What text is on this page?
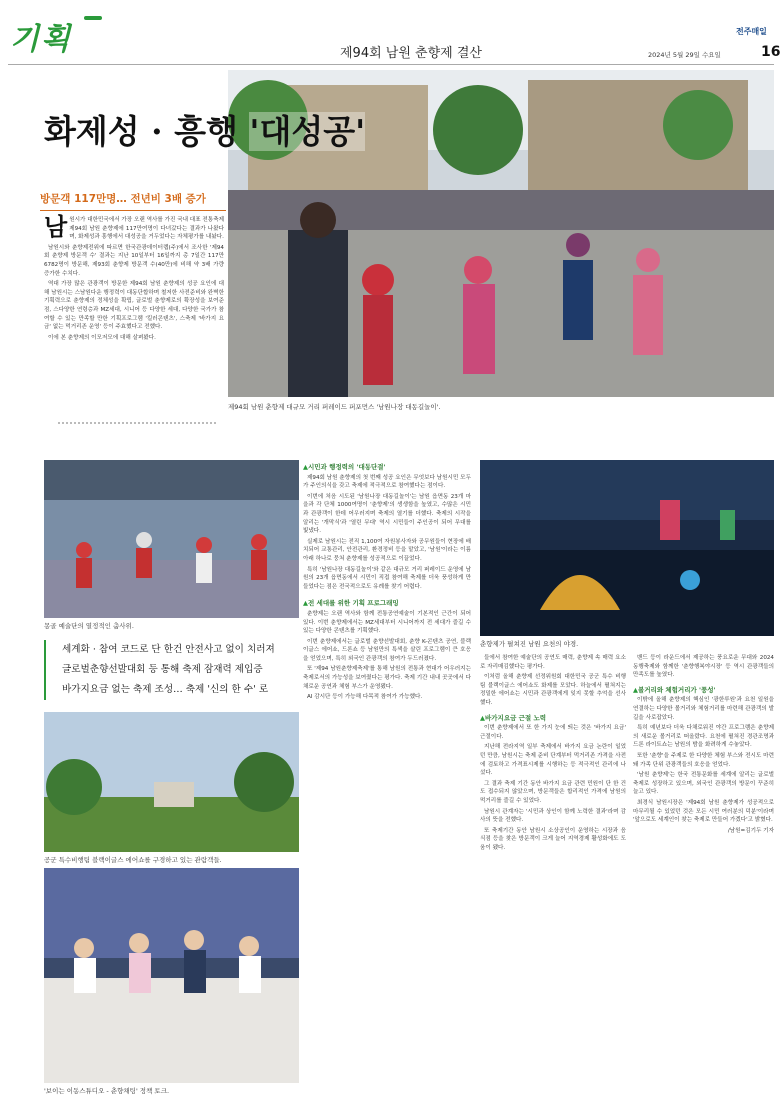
기획	제94회 남원 춘향제 결산
전주매일
2024년 5월 29일 수요일	16
화제성 · 흥행 '대성공'
방문객 117만명… 전년비 3배 증가

남원시가 대한민국에서 가장 오랜 역사를 가진 국내 대표 전통축제 제94회 남원 춘향제에 117만여명이 다녀갔다는 결과가 나왔다며, 화제성과 흥행에서 대성공을 거두었다는 자체평가를 내놨다.

남원시와 춘향제전위에 따르면 한국관광데이터랩(주)에서 조사한 '제94회 춘향제 방문객 수' 결과는 지난 10일부터 16일까지 총 7일간 117만6782명이 방문해, 제93회 춘향제 방문객 수(40만)에 비해 약 3배 가량 증가한 수치다.

역대 가장 많은 관광객이 방문한 제94회 남원 춘향제의 성공 요인에 대해 남원시는 스남원다운 행정력이 대동단합하며 철저한 사전준비와 완벽한 기획력으로 춘향제의 정체성을 확립, 글로벌 춘향제로의 확장성을 보여준 점, 스다양한 연령층과 MZ세대, 시니어 등 다양한 세대, 다양한 국가가 참여할 수 있는 만족할 만한 기획프로그램 '킬러콘텐츠', 스축제 '바가지 요금' 없는 먹거리존 운영' 등이 주효했다고 전했다.

이에 본 춘향제의 이모저모에 대해 살펴봤다.

제94회 남원 춘향제 대규모 거리 퍼레이드 퍼포먼스 '남원나장 대동길놀이'.
몽골 예술단의 열정적인 춤사위.
세계화 · 참여 코드로 단 한건 안전사고 없이 치러져
글로벌춘향선발대회 등 통해 축제 잠재력 제입증
바가지요금 없는 축제 조성… 축제 '신의 한 수' 로
공군 특수비행팀 블랙이글스 에어쇼를 구경하고 있는 관람객들.
'보이는 이동스튜디오 - 춘향채팅' 정책 토크.
▲시민과 행정력의 '대동단결'

제94회 남원 춘향제의 첫 번째 성공 요인은 무엇보다 남원시민 모두가 주인의식을 갖고 축제에 적극적으로 참여했다는 점이다.

이번에 처음 시도된 '남원나장 대동길놀이'는 남원 읍면동 23개 마을과 각 단체 1000여명이 '춘향제'의 생생함을 높였고, 수많은 시민과 관광객이 한데 어우러지며 축제의 열기를 더했다. 축제의 시작을 알리는 '개막식'과 '열린 무대' 역시 시민들이 주인공이 되어 무대를 빛냈다.

실제로 남원시는 전직 1,100여 자원봉사자와 공무원들이 현장에 배치되어 교통관리, 안전관리, 환경정비 등을 맡았고, '남원'이라는 이름 아래 하나로 뭉쳐 춘향제를 성공적으로 이끌었다.

특히 '남원나장 대동길놀이'와 같은 대규모 거리 퍼레이드 운영에 남원의 23개 읍면동에서 시민이 직접 참여해 축제를 더욱 풍성하게 만들었다는 점은 전국적으로도 유례를 찾기 어렵다.

▲전 세대를 위한 기획 프로그래밍

춘향제는 오랜 역사와 함께 전통공연예술이 기본적인 근간이 되어 있다. 이번 춘향제에서는 MZ세대부터 시니어까지 전 세대가 즐길 수 있는 다양한 콘텐츠를 기획했다.

이번 춘향제에서는 글로벌 춘향선발대회, 춘향 K-콘텐츠 공연, 블랙이글스 에어쇼, 드론쇼 등 남원만의 특색을 살린 프로그램이 큰 호응을 얻었으며, 특히 외국인 관광객의 참여가 두드러졌다.

또 '제94 남원춘향제축제'를 통해 남원의 전통과 현대가 어우러지는 축제로서의 가능성을 보여줬다는 평가다. 축제 기간 내내 곳곳에서 다채로운 공연과 체험 부스가 운영됐다.

AI 감시단 등이 가능해 다목적 참여가 가능했다.

춘향제가 펼쳐진 남원 요천의 야경.

들에서 참여한 예술단의 공연도 매력, 춘향제 속 매력 요소로 자리매김했다는 평가다.

이처럼 올해 춘향제 선정위원회 대한민국 공군 특수 비행팀 블랙이글스 에어쇼도 화제를 모았다. 하늘에서 펼쳐지는 정밀한 에어쇼는 시민과 관광객에게 잊지 못할 추억을 선사했다.

▲바가지요금 근절 노력

이번 춘향제에서 또 한 가지 눈에 띄는 것은 '바가지 요금' 근절이다.

지난해 전라지역 일부 축제에서 바가지 요금 논란이 일었던 만큼, 남원시는 축제 준비 단계부터 먹거리존 가격을 사전에 검토하고 가격표시제를 시행하는 등 적극적인 관리에 나섰다.

그 결과 축제 기간 동안 바가지 요금 관련 민원이 단 한 건도 접수되지 않았으며, 방문객들은 합리적인 가격에 남원의 먹거리를 즐길 수 있었다.

남원시 관계자는 '시민과 상인이 함께 노력한 결과'라며 감사의 뜻을 전했다.

또 축제기간 동안 남원시 소상공인이 운영하는 시장과 음식점 등을 찾은 방문객이 크게 늘어 지역경제 활성화에도 도움이 됐다.

밴드 등이 라운드에서 제공하는 풍요로운 무대와 2024 동행축제와 함께한 '춘향행복야시장' 등 역시 관광객들의 만족도를 높였다.

▲볼거리와 체험거리가 '풍성'

이밖에 올해 춘향제의 핵심인 '광한루원'과 요천 일원을 연결하는 다양한 볼거리와 체험거리를 마련해 관광객의 발길을 사로잡았다.

특히 예년보다 더욱 다채로워진 야간 프로그램은 춘향제의 새로운 볼거리로 떠올랐다. 요천에 펼쳐진 경관조명과 드론 라이트쇼는 남원의 밤을 화려하게 수놓았다.

또한 '춘향'을 주제로 한 다양한 체험 부스와 전시도 마련돼 가족 단위 관광객들의 호응을 얻었다.

'남원 춘향제'는 한국 전통문화를 세계에 알리는 글로벌 축제로 성장하고 있으며, 외국인 관광객의 방문이 꾸준히 늘고 있다.

최경식 남원시장은 '제94회 남원 춘향제가 성공적으로 마무리될 수 있었던 것은 모든 시민 여러분의 덕분'이라며 '앞으로도 세계인이 찾는 축제로 만들어 가겠다'고 밝혔다.

/남원=김기두 기자
